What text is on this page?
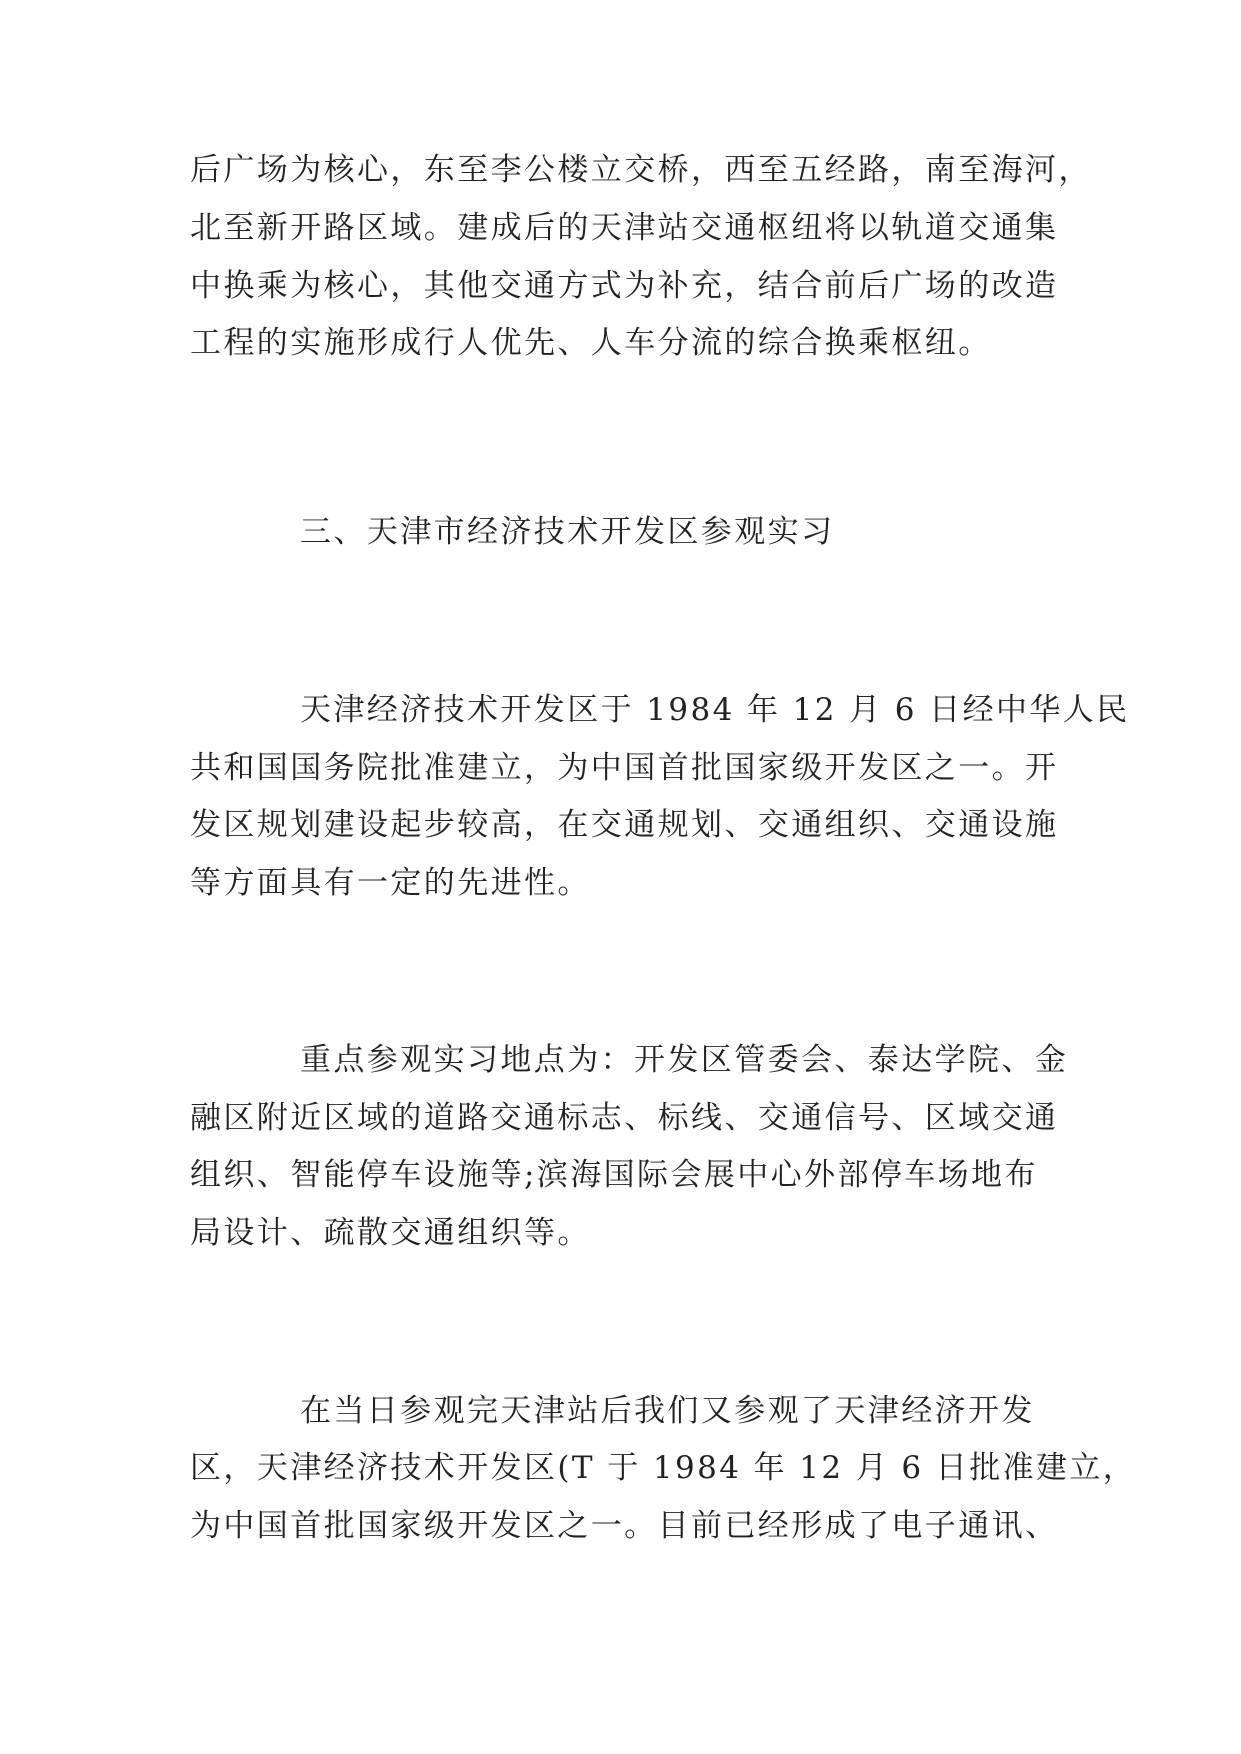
后广场为核心，东至李公楼立交桥，西至五经路，南至海河，
北至新开路区域。建成后的天津站交通枢纽将以轨道交通集
中换乘为核心，其他交通方式为补充，结合前后广场的改造
工程的实施形成行人优先、人车分流的综合换乘枢纽。
三、天津市经济技术开发区参观实习
天津经济技术开发区于 1984 年 12 月 6 日经中华人民
共和国国务院批准建立，为中国首批国家级开发区之一。开
发区规划建设起步较高，在交通规划、交通组织、交通设施
等方面具有一定的先进性。
重点参观实习地点为：开发区管委会、泰达学院、金
融区附近区域的道路交通标志、标线、交通信号、区域交通
组织、智能停车设施等;滨海国际会展中心外部停车场地布
局设计、疏散交通组织等。
在当日参观完天津站后我们又参观了天津经济开发
区，天津经济技术开发区(T 于 1984 年 12 月 6 日批准建立，
为中国首批国家级开发区之一。目前已经形成了电子通讯、
